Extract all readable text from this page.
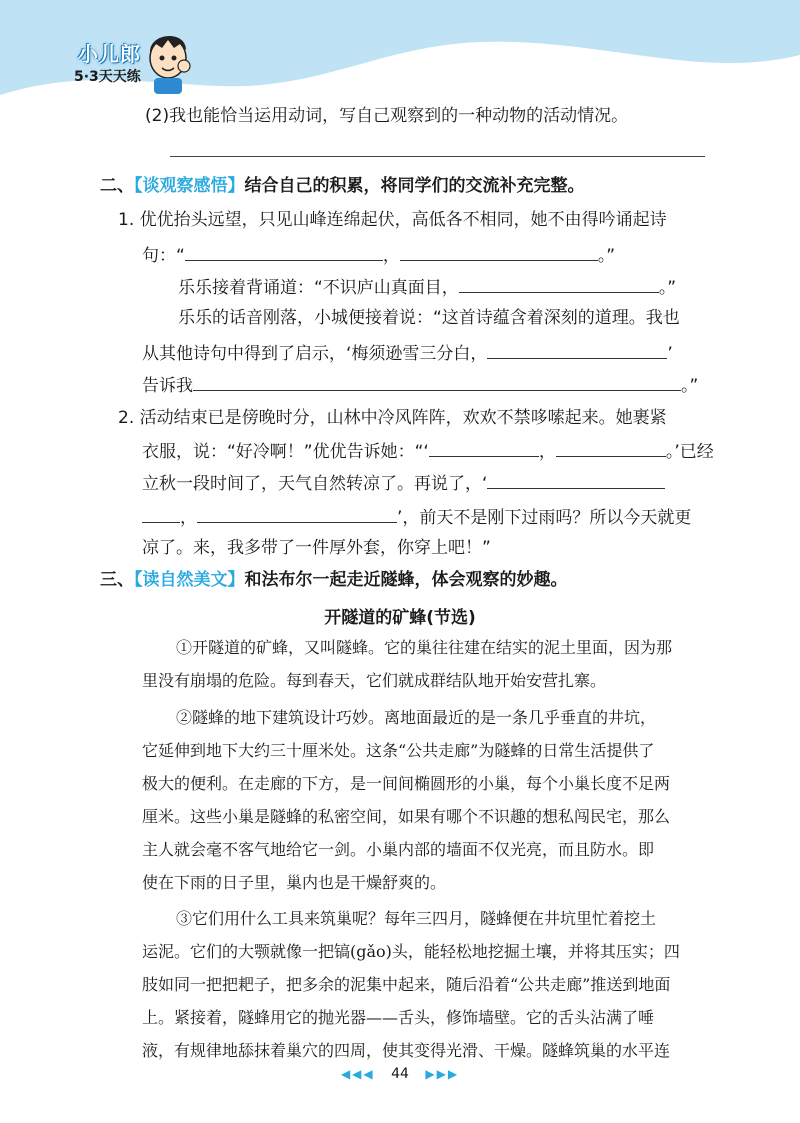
小儿郎
5·3天天练
(2)我也能恰当运用动词，写自己观察到的一种动物的活动情况。
二、【谈观察感悟】结合自己的积累，将同学们的交流补充完整。
1. 优优抬头远望，只见山峰连绵起伏，高低各不相同，她不由得吟诵起诗
句：“	，	。”
乐乐接着背诵道：“不识庐山真面目，	。”
乐乐的话音刚落，小城便接着说：“这首诗蕴含着深刻的道理。我也
从其他诗句中得到了启示，‘梅须逊雪三分白，	’
告诉我	。”
2. 活动结束已是傍晚时分，山林中冷风阵阵，欢欢不禁哆嗦起来。她裹紧
衣服，说：“好冷啊！”优优告诉她：“‘	，	。’已经
立秋一段时间了，天气自然转凉了。再说了，‘
，	’，前天不是刚下过雨吗？所以今天就更
凉了。来，我多带了一件厚外套，你穿上吧！”
三、【读自然美文】和法布尔一起走近隧蜂，体会观察的妙趣。
开隧道的矿蜂(节选)
①开隧道的矿蜂，又叫隧蜂。它的巢往往建在结实的泥土里面，因为那
里没有崩塌的危险。每到春天，它们就成群结队地开始安营扎寨。
②隧蜂的地下建筑设计巧妙。离地面最近的是一条几乎垂直的井坑，
它延伸到地下大约三十厘米处。这条“公共走廊”为隧蜂的日常生活提供了
极大的便利。在走廊的下方，是一间间椭圆形的小巢，每个小巢长度不足两
厘米。这些小巢是隧蜂的私密空间，如果有哪个不识趣的想私闯民宅，那么
主人就会毫不客气地给它一剑。小巢内部的墙面不仅光亮，而且防水。即
使在下雨的日子里，巢内也是干燥舒爽的。
③它们用什么工具来筑巢呢？每年三四月，隧蜂便在井坑里忙着挖土
运泥。它们的大颚就像一把镐(gǎo)头，能轻松地挖掘土壤，并将其压实；四
肢如同一把把耙子，把多余的泥集中起来，随后沿着“公共走廊”推送到地面
上。紧接着，隧蜂用它的抛光器——舌头，修饰墙壁。它的舌头沾满了唾
液，有规律地舔抹着巢穴的四周，使其变得光滑、干燥。隧蜂筑巢的水平连
◀◀◀ 44 ▶▶▶
